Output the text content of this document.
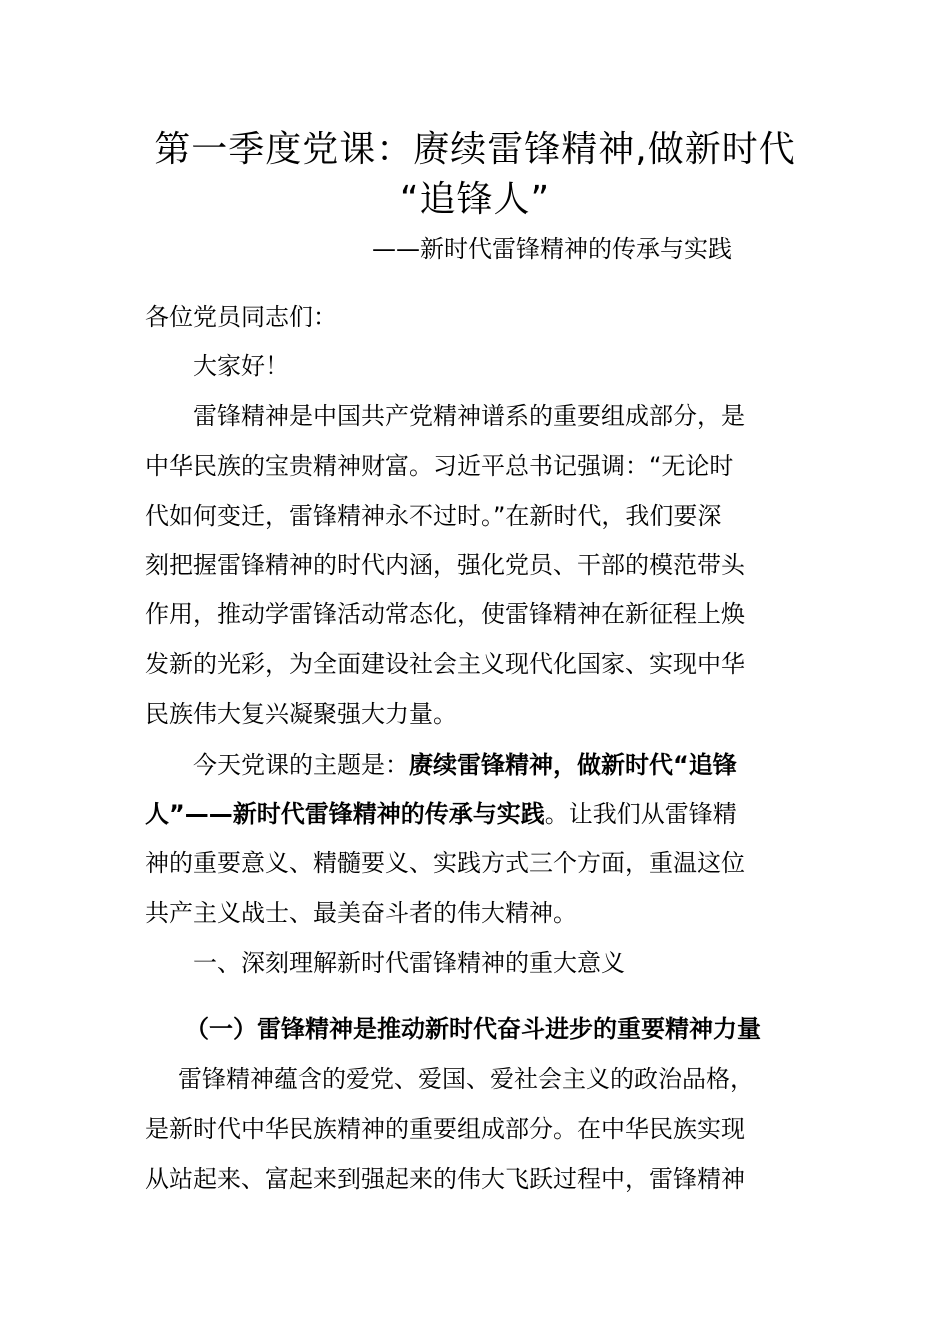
第一季度党课：赓续雷锋精神,做新时代
“追锋人”
——新时代雷锋精神的传承与实践
各位党员同志们：
大家好！
雷锋精神是中国共产党精神谱系的重要组成部分，是
中华民族的宝贵精神财富。习近平总书记强调：“无论时
代如何变迁，雷锋精神永不过时。”在新时代，我们要深
刻把握雷锋精神的时代内涵，强化党员、干部的模范带头
作用，推动学雷锋活动常态化，使雷锋精神在新征程上焕
发新的光彩，为全面建设社会主义现代化国家、实现中华
民族伟大复兴凝聚强大力量。
今天党课的主题是：赓续雷锋精神，做新时代“追锋
人”——新时代雷锋精神的传承与实践。让我们从雷锋精
神的重要意义、精髓要义、实践方式三个方面，重温这位
共产主义战士、最美奋斗者的伟大精神。
一、深刻理解新时代雷锋精神的重大意义
（一）雷锋精神是推动新时代奋斗进步的重要精神力量
雷锋精神蕴含的爱党、爱国、爱社会主义的政治品格，
是新时代中华民族精神的重要组成部分。在中华民族实现
从站起来、富起来到强起来的伟大飞跃过程中，雷锋精神
